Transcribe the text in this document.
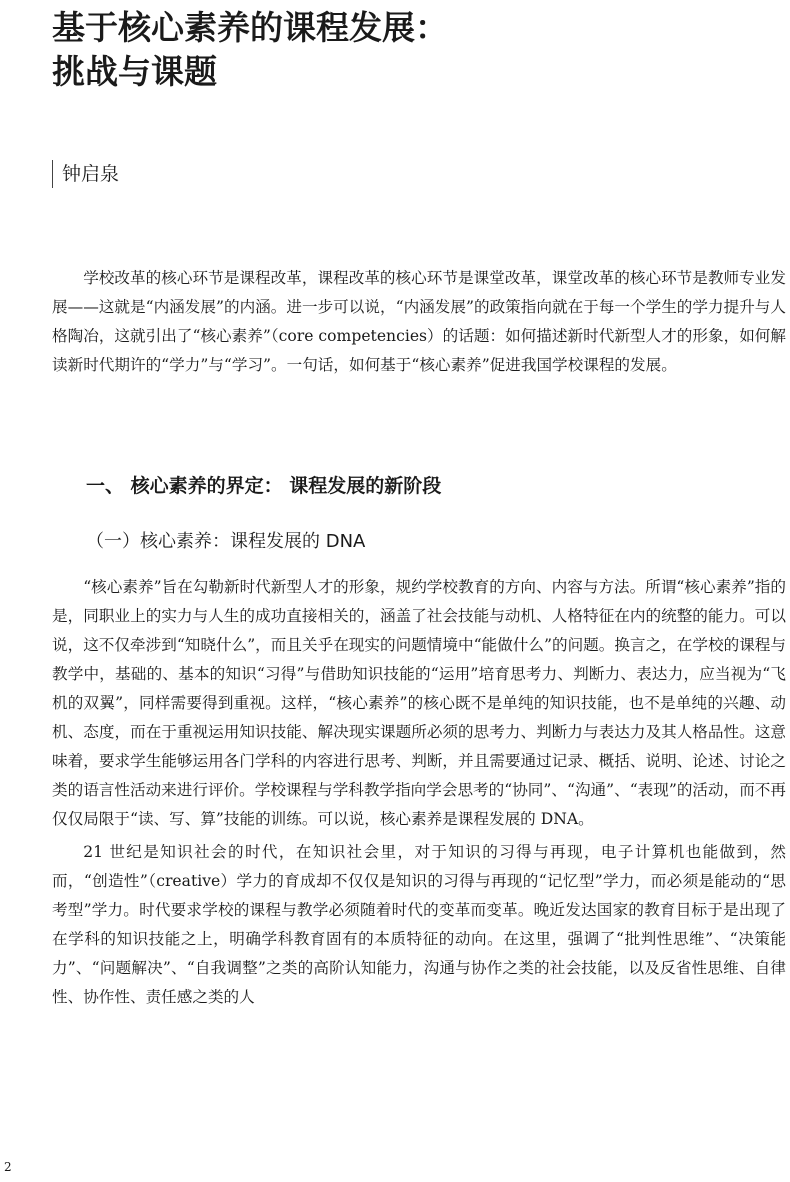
基于核心素养的课程发展：
挑战与课题
钟启泉

学校改革的核心环节是课程改革，课程改革的核心环节是课堂改革，课堂改革的核心环节是教师专业发展——这就是“内涵发展”的内涵。进一步可以说，“内涵发展”的政策指向就在于每一个学生的学力提升与人格陶冶，这就引出了“核心素养”（core competencies）的话题：如何描述新时代新型人才的形象，如何解读新时代期许的“学力”与“学习”。一句话，如何基于“核心素养”促进我国学校课程的发展。

一、 核心素养的界定： 课程发展的新阶段
（一）核心素养：课程发展的 DNA

“核心素养”旨在勾勒新时代新型人才的形象，规约学校教育的方向、内容与方法。所谓“核心素养”指的是，同职业上的实力与人生的成功直接相关的，涵盖了社会技能与动机、人格特征在内的统整的能力。可以说，这不仅牵涉到“知晓什么”，而且关乎在现实的问题情境中“能做什么”的问题。换言之，在学校的课程与教学中，基础的、基本的知识“习得”与借助知识技能的“运用”培育思考力、判断力、表达力，应当视为“飞机的双翼”，同样需要得到重视。这样，“核心素养”的核心既不是单纯的知识技能，也不是单纯的兴趣、动机、态度，而在于重视运用知识技能、解决现实课题所必须的思考力、判断力与表达力及其人格品性。这意味着，要求学生能够运用各门学科的内容进行思考、判断，并且需要通过记录、概括、说明、论述、讨论之类的语言性活动来进行评价。学校课程与学科教学指向学会思考的“协同”、“沟通”、“表现”的活动，而不再仅仅局限于“读、写、算”技能的训练。可以说，核心素养是课程发展的 DNA。

21 世纪是知识社会的时代，在知识社会里，对于知识的习得与再现，电子计算机也能做到，然而，“创造性”（creative）学力的育成却不仅仅是知识的习得与再现的“记忆型”学力，而必须是能动的“思考型”学力。时代要求学校的课程与教学必须随着时代的变革而变革。晚近发达国家的教育目标于是出现了在学科的知识技能之上，明确学科教育固有的本质特征的动向。在这里，强调了“批判性思维”、“决策能力”、“问题解决”、“自我调整”之类的高阶认知能力，沟通与协作之类的社会技能，以及反省性思维、自律性、协作性、责任感之类的人

2
